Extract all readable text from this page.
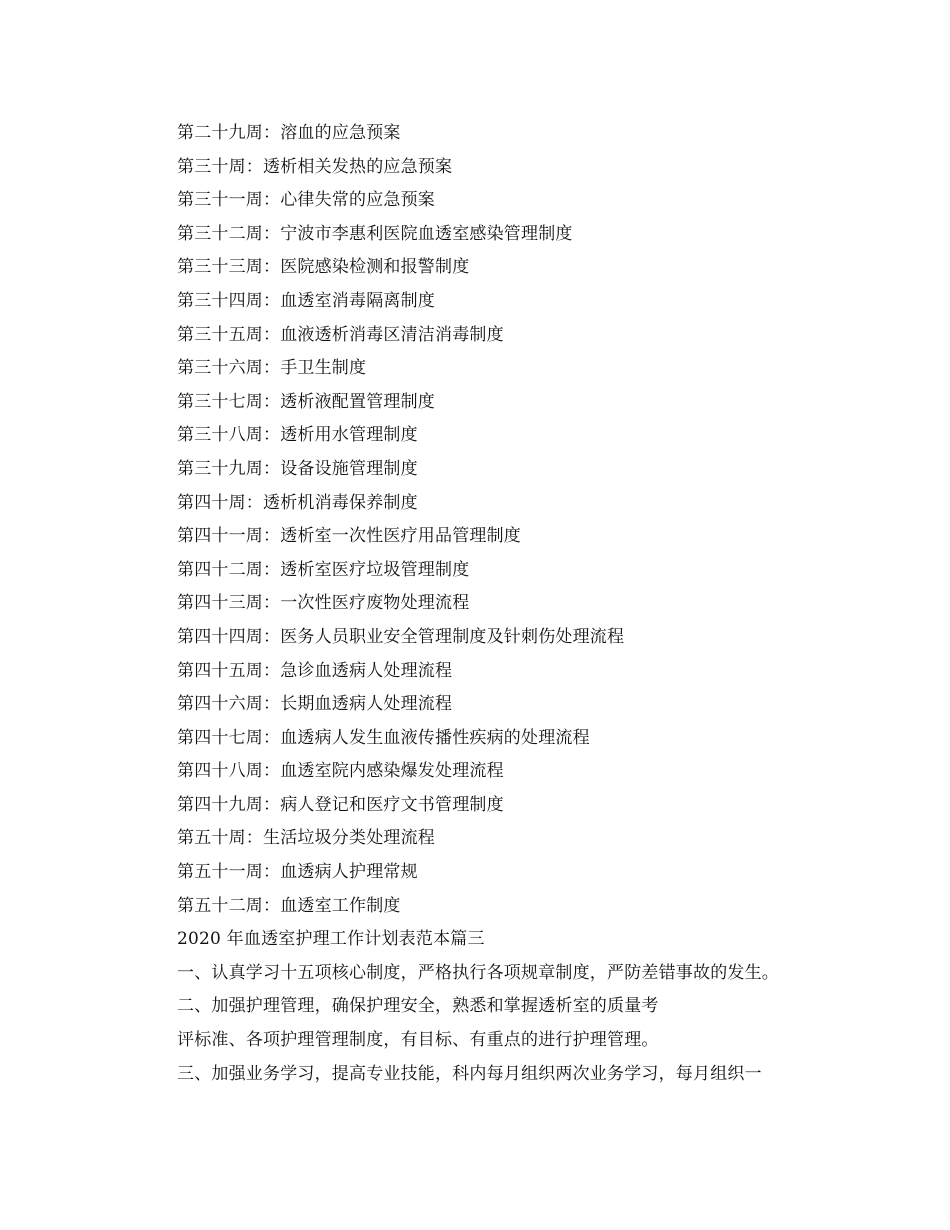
第二十九周：溶血的应急预案
第三十周：透析相关发热的应急预案
第三十一周：心律失常的应急预案
第三十二周：宁波市李惠利医院血透室感染管理制度
第三十三周：医院感染检测和报警制度
第三十四周：血透室消毒隔离制度
第三十五周：血液透析消毒区清洁消毒制度
第三十六周：手卫生制度
第三十七周：透析液配置管理制度
第三十八周：透析用水管理制度
第三十九周：设备设施管理制度
第四十周：透析机消毒保养制度
第四十一周：透析室一次性医疗用品管理制度
第四十二周：透析室医疗垃圾管理制度
第四十三周：一次性医疗废物处理流程
第四十四周：医务人员职业安全管理制度及针刺伤处理流程
第四十五周：急诊血透病人处理流程
第四十六周：长期血透病人处理流程
第四十七周：血透病人发生血液传播性疾病的处理流程
第四十八周：血透室院内感染爆发处理流程
第四十九周：病人登记和医疗文书管理制度
第五十周：生活垃圾分类处理流程
第五十一周：血透病人护理常规
第五十二周：血透室工作制度
2020 年血透室护理工作计划表范本篇三
一、认真学习十五项核心制度，严格执行各项规章制度，严防差错事故的发生。
二、加强护理管理，确保护理安全，熟悉和掌握透析室的质量考
评标准、各项护理管理制度，有目标、有重点的进行护理管理。
三、加强业务学习，提高专业技能，科内每月组织两次业务学习，每月组织一
